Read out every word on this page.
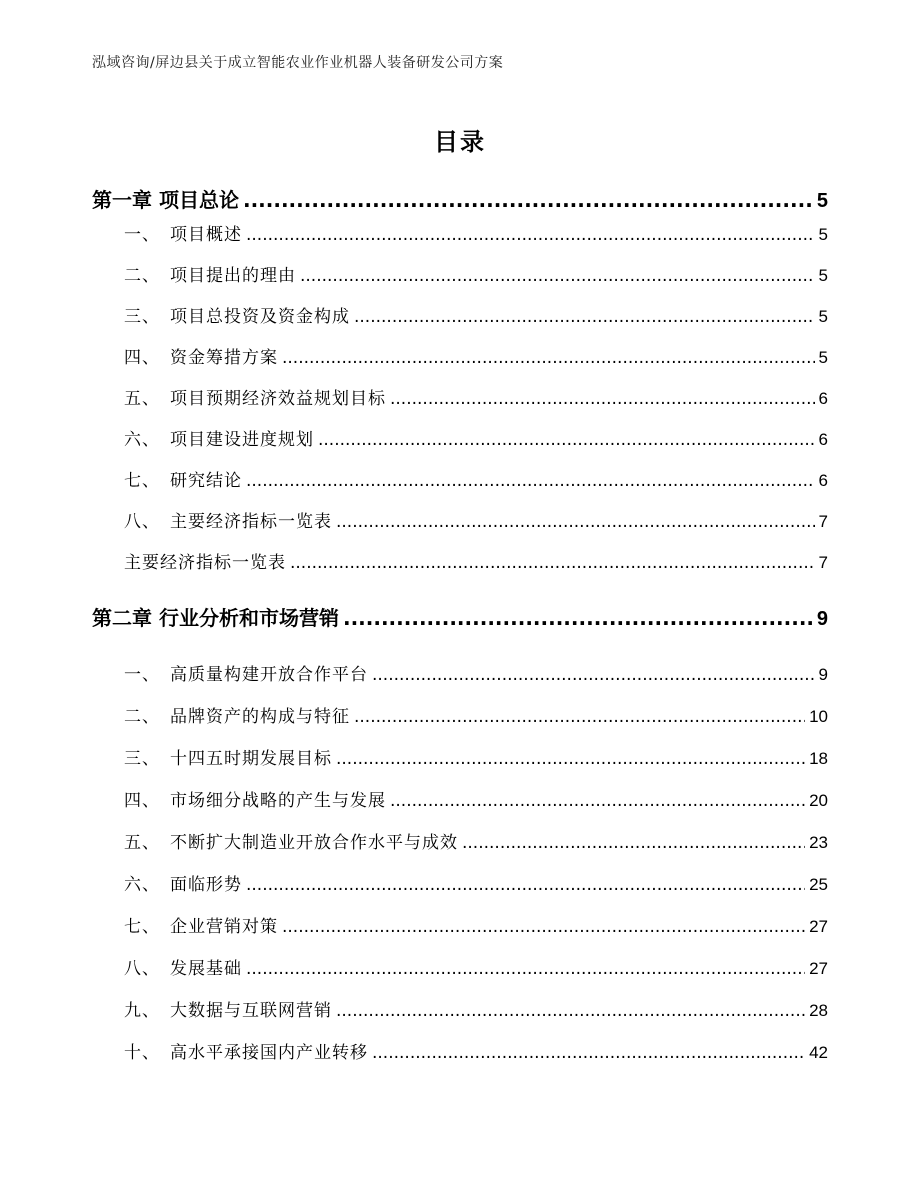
泓域咨询/屏边县关于成立智能农业作业机器人装备研发公司方案
目录
第一章 项目总论 .....	5
一、 项目概述 .....	5
二、 项目提出的理由 .....	5
三、 项目总投资及资金构成 .....	5
四、 资金筹措方案 .....	5
五、 项目预期经济效益规划目标 .....	6
六、 项目建设进度规划 .....	6
七、 研究结论 .....	6
八、 主要经济指标一览表 .....	7
主要经济指标一览表 .....	7
第二章 行业分析和市场营销 .....	9
一、 高质量构建开放合作平台 .....	9
二、 品牌资产的构成与特征 .....	10
三、 十四五时期发展目标 .....	18
四、 市场细分战略的产生与发展 .....	20
五、 不断扩大制造业开放合作水平与成效 .....	23
六、 面临形势 .....	25
七、 企业营销对策 .....	27
八、 发展基础 .....	27
九、 大数据与互联网营销 .....	28
十、 高水平承接国内产业转移 .....	42
